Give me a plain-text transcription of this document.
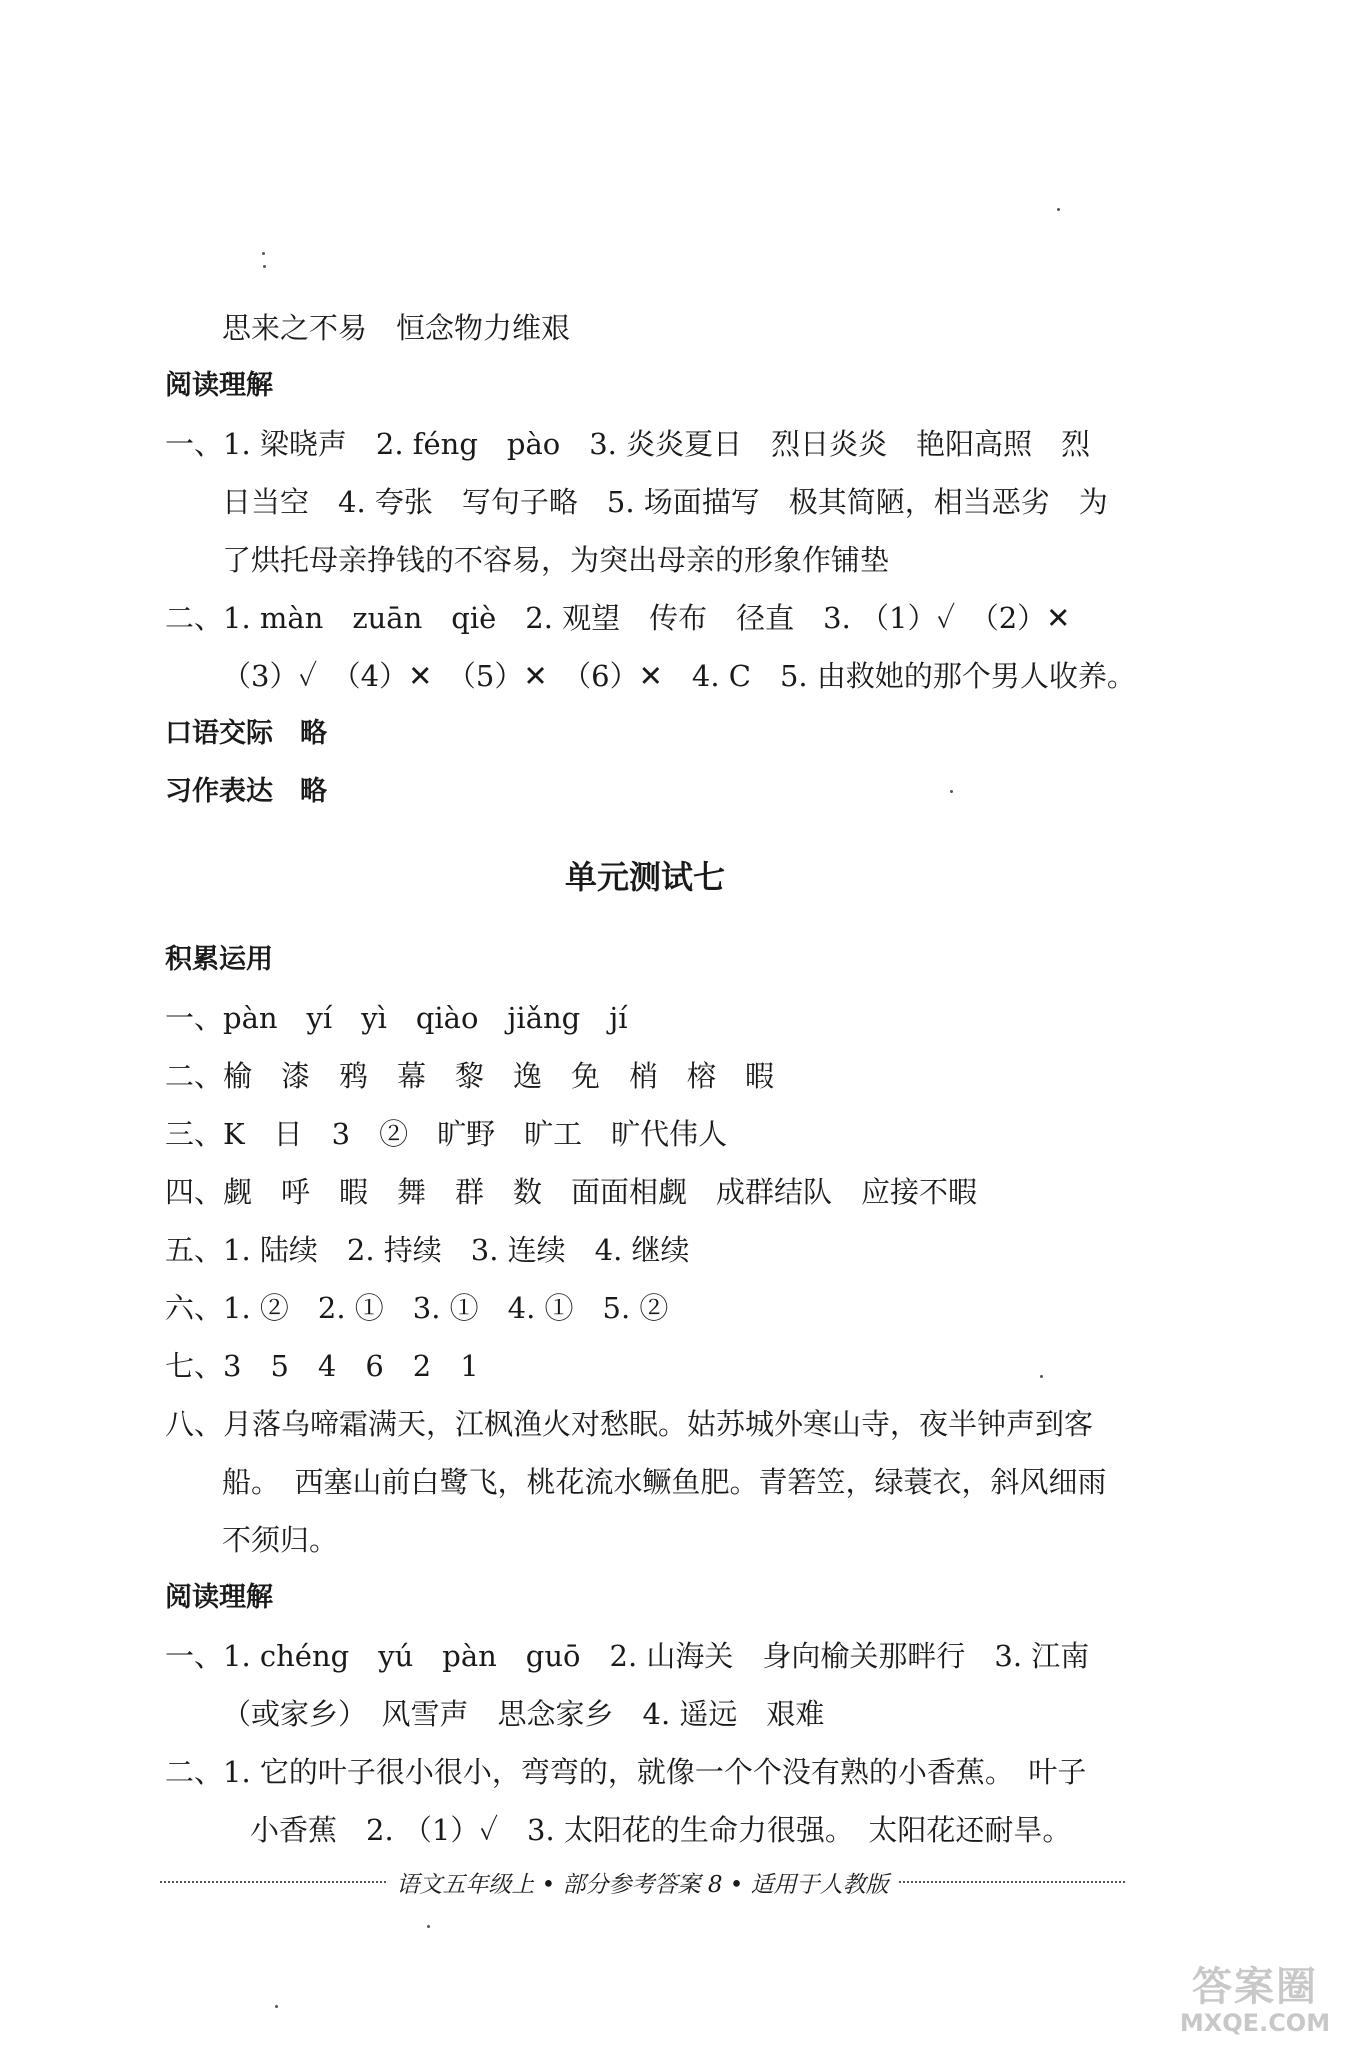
思来之不易　恒念物力维艰
阅读理解
一、1. 梁晓声　2. féng　pào　3. 炎炎夏日　烈日炎炎　艳阳高照　烈
日当空　4. 夸张　写句子略　5. 场面描写　极其简陋，相当恶劣　为
了烘托母亲挣钱的不容易，为突出母亲的形象作铺垫
二、1. màn　zuān　qiè　2. 观望　传布　径直　3. （1）✓　（2）✕
（3）✓　（4）✕　（5）✕　（6）✕　4. C　5. 由救她的那个男人收养。
口语交际　略
习作表达　略
单元测试七
积累运用
一、pàn　yí　yì　qiào　jiǎng　jí
二、榆　漆　鸦　幕　黎　逸　免　梢　榕　暇
三、K　日　3　②　旷野　旷工　旷代伟人
四、觑　呼　暇　舞　群　数　面面相觑　成群结队　应接不暇
五、1. 陆续　2. 持续　3. 连续　4. 继续
六、1. ②　2. ①　3. ①　4. ①　5. ②
七、3　5　4　6　2　1
八、月落乌啼霜满天，江枫渔火对愁眠。姑苏城外寒山寺，夜半钟声到客
船。　西塞山前白鹭飞，桃花流水鳜鱼肥。青箬笠，绿蓑衣，斜风细雨
不须归。
阅读理解
一、1. chéng　yú　pàn　guō　2. 山海关　身向榆关那畔行　3. 江南
（或家乡）　风雪声　思念家乡　4. 遥远　艰难
二、1. 它的叶子很小很小，弯弯的，就像一个个没有熟的小香蕉。　叶子
小香蕉　2. （1）✓　3. 太阳花的生命力很强。　太阳花还耐旱。
语文五年级上 • 部分参考答案 8 • 适用于人教版
答案圈
MXQE.COM
